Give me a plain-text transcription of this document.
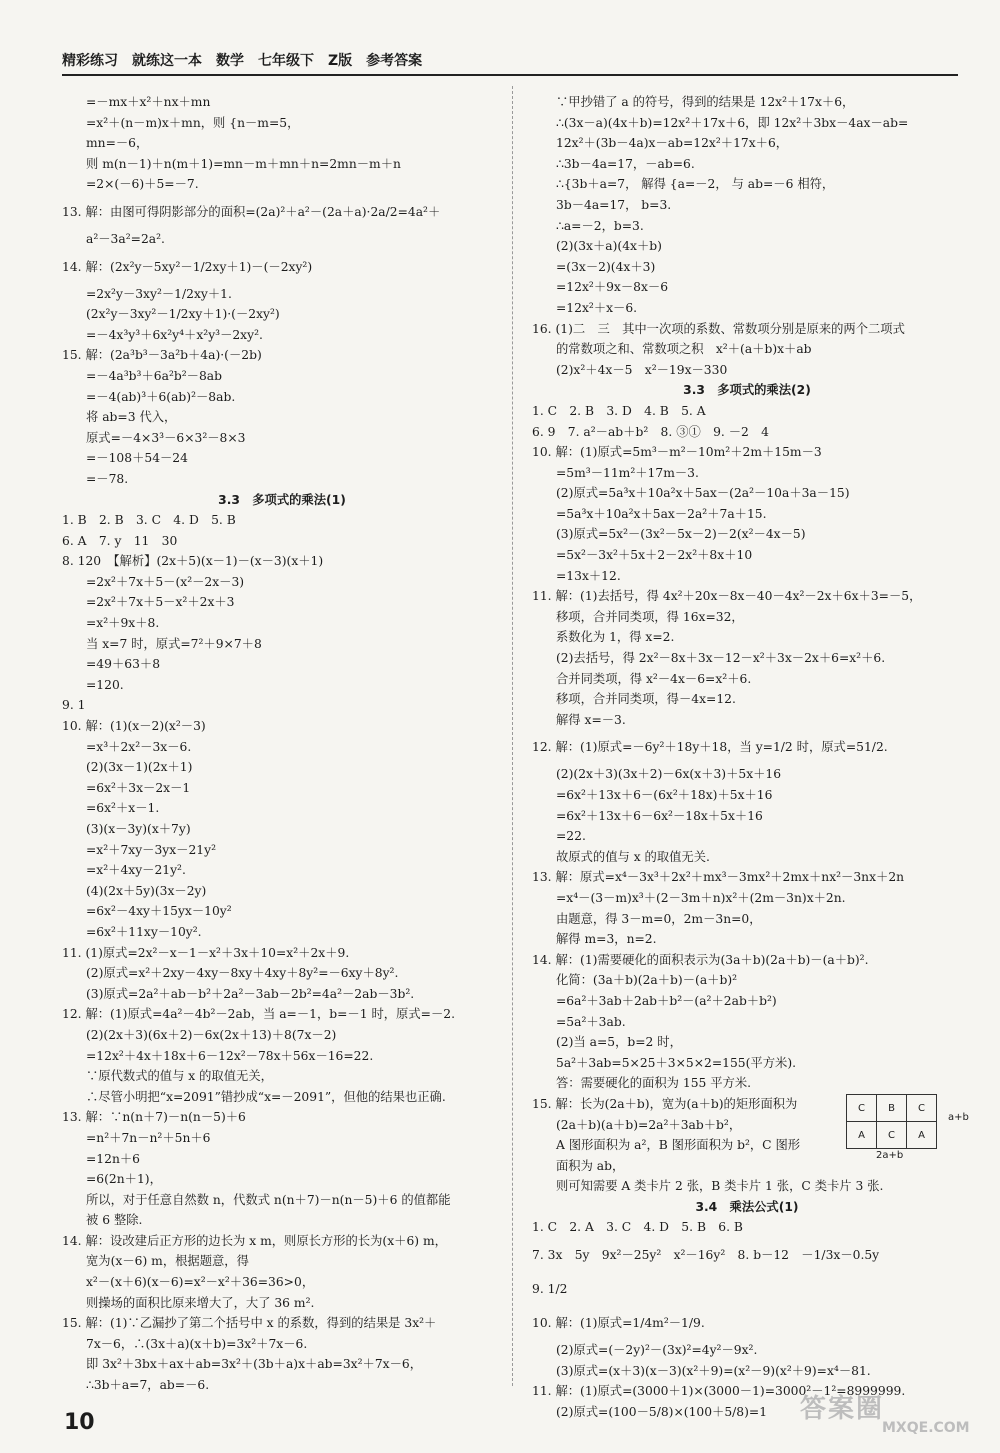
精彩练习　就练这一本　数学　七年级下　Z版　参考答案
=－mx＋x²＋nx＋mn
=x²＋(n－m)x＋mn，则 {n－m=5，
mn=－6，
则 m(n－1)＋n(m＋1)=mn－m＋mn＋n=2mn－m＋n
=2×(－6)＋5=－7.
13. 解：由图可得阴影部分的面积=(2a)²＋a²－(2a＋a)·2a/2=4a²＋
a²－3a²=2a².
14. 解：(2x²y－5xy²－1/2xy＋1)－(－2xy²)
=2x²y－3xy²－1/2xy＋1.
(2x²y－3xy²－1/2xy＋1)·(－2xy²)
=－4x³y³＋6x²y⁴＋x²y³－2xy².
15. 解：(2a³b³－3a²b＋4a)·(－2b)
=－4a³b³＋6a²b²－8ab
=－4(ab)³＋6(ab)²－8ab.
将 ab=3 代入，
原式=－4×3³－6×3²－8×3
=－108＋54－24
=－78.
3.3　多项式的乘法(1)
1. B　2. B　3. C　4. D　5. B
6. A　7. y　11　30
8. 120　【解析】(2x＋5)(x－1)－(x－3)(x＋1)
=2x²＋7x＋5－(x²－2x－3)
=2x²＋7x＋5－x²＋2x＋3
=x²＋9x＋8.
当 x=7 时，原式=7²＋9×7＋8
=49＋63＋8
=120.
9. 1
10. 解：(1)(x－2)(x²－3)
=x³＋2x²－3x－6.
(2)(3x－1)(2x＋1)
=6x²＋3x－2x－1
=6x²＋x－1.
(3)(x－3y)(x＋7y)
=x²＋7xy－3yx－21y²
=x²＋4xy－21y².
(4)(2x＋5y)(3x－2y)
=6x²－4xy＋15yx－10y²
=6x²＋11xy－10y².
11. (1)原式=2x²－x－1－x²＋3x＋10=x²＋2x＋9.
(2)原式=x²＋2xy－4xy－8xy＋4xy＋8y²=－6xy＋8y².
(3)原式=2a²＋ab－b²＋2a²－3ab－2b²=4a²－2ab－3b².
12. 解：(1)原式=4a²－4b²－2ab，当 a=－1，b=－1 时，原式=－2.
(2)(2x＋3)(6x＋2)－6x(2x＋13)＋8(7x－2)
=12x²＋4x＋18x＋6－12x²－78x＋56x－16=22.
∵原代数式的值与 x 的取值无关，
∴尽管小明把“x=2091”错抄成“x=－2091”，但他的结果也正确.
13. 解：∵n(n＋7)－n(n－5)＋6
=n²＋7n－n²＋5n＋6
=12n＋6
=6(2n＋1)，
所以，对于任意自然数 n，代数式 n(n＋7)－n(n－5)＋6 的值都能
被 6 整除.
14. 解：设改建后正方形的边长为 x m，则原长方形的长为(x＋6) m，
宽为(x－6) m，根据题意，得
x²－(x＋6)(x－6)=x²－x²＋36=36>0，
则操场的面积比原来增大了，大了 36 m².
15. 解：(1)∵乙漏抄了第二个括号中 x 的系数，得到的结果是 3x²＋
7x－6，∴(3x＋a)(x＋b)=3x²＋7x－6.
即 3x²＋3bx＋ax＋ab=3x²＋(3b＋a)x＋ab=3x²＋7x－6，
∴3b＋a=7，ab=－6.
∵甲抄错了 a 的符号，得到的结果是 12x²＋17x＋6，
∴(3x－a)(4x＋b)=12x²＋17x＋6，即 12x²＋3bx－4ax－ab=
12x²＋(3b－4a)x－ab=12x²＋17x＋6，
∴3b－4a=17，－ab=6.
∴{3b＋a=7， 解得 {a=－2， 与 ab=－6 相符，
3b－4a=17， b=3.
∴a=－2，b=3.
(2)(3x＋a)(4x＋b)
=(3x－2)(4x＋3)
=12x²＋9x－8x－6
=12x²＋x－6.
16. (1)二　三　其中一次项的系数、常数项分别是原来的两个二项式
的常数项之和、常数项之积　x²＋(a＋b)x＋ab
(2)x²＋4x－5　x²－19x－330
3.3　多项式的乘法(2)
1. C　2. B　3. D　4. B　5. A
6. 9　7. a²－ab＋b²　8. ③①　9. －2　4
10. 解：(1)原式=5m³－m²－10m²＋2m＋15m－3
=5m³－11m²＋17m－3.
(2)原式=5a³x＋10a²x＋5ax－(2a²－10a＋3a－15)
=5a³x＋10a²x＋5ax－2a²＋7a＋15.
(3)原式=5x²－(3x²－5x－2)－2(x²－4x－5)
=5x²－3x²＋5x＋2－2x²＋8x＋10
=13x＋12.
11. 解：(1)去括号，得 4x²＋20x－8x－40－4x²－2x＋6x＋3=－5，
移项，合并同类项，得 16x=32，
系数化为 1，得 x=2.
(2)去括号，得 2x²－8x＋3x－12－x²＋3x－2x＋6=x²＋6.
合并同类项，得 x²－4x－6=x²＋6.
移项，合并同类项，得－4x=12.
解得 x=－3.
12. 解：(1)原式=－6y²＋18y＋18，当 y=1/2 时，原式=51/2.
(2)(2x＋3)(3x＋2)－6x(x＋3)＋5x＋16
=6x²＋13x＋6－(6x²＋18x)＋5x＋16
=6x²＋13x＋6－6x²－18x＋5x＋16
=22.
故原式的值与 x 的取值无关.
13. 解：原式=x⁴－3x³＋2x²＋mx³－3mx²＋2mx＋nx²－3nx＋2n
=x⁴－(3－m)x³＋(2－3m＋n)x²＋(2m－3n)x＋2n.
由题意，得 3－m=0，2m－3n=0，
解得 m=3，n=2.
14. 解：(1)需要硬化的面积表示为(3a＋b)(2a＋b)－(a＋b)².
化简：(3a＋b)(2a＋b)－(a＋b)²
=6a²＋3ab＋2ab＋b²－(a²＋2ab＋b²)
=5a²＋3ab.
(2)当 a=5，b=2 时，
5a²＋3ab=5×25＋3×5×2=155(平方米).
答：需要硬化的面积为 155 平方米.
15. 解：长为(2a＋b)，宽为(a＋b)的矩形面积为
(2a＋b)(a＋b)=2a²＋3ab＋b²，
A 图形面积为 a²，B 图形面积为 b²，C 图形
面积为 ab，
则可知需要 A 类卡片 2 张，B 类卡片 1 张，C 类卡片 3 张.
3.4　乘法公式(1)
1. C　2. A　3. C　4. D　5. B　6. B
7. 3x　5y　9x²－25y²　x²－16y²　8. b－12　－1/3x－0.5y
9. 1/2
10. 解：(1)原式=1/4m²－1/9.
(2)原式=(－2y)²－(3x)²=4y²－9x².
(3)原式=(x＋3)(x－3)(x²＋9)=(x²－9)(x²＋9)=x⁴－81.
11. 解：(1)原式=(3000＋1)×(3000－1)=3000²－1²=8999999.
(2)原式=(100－5/8)×(100＋5/8)=1
C	B	C
A	C	A
a+b
2a+b
10	答案圈
MXQE.COM
